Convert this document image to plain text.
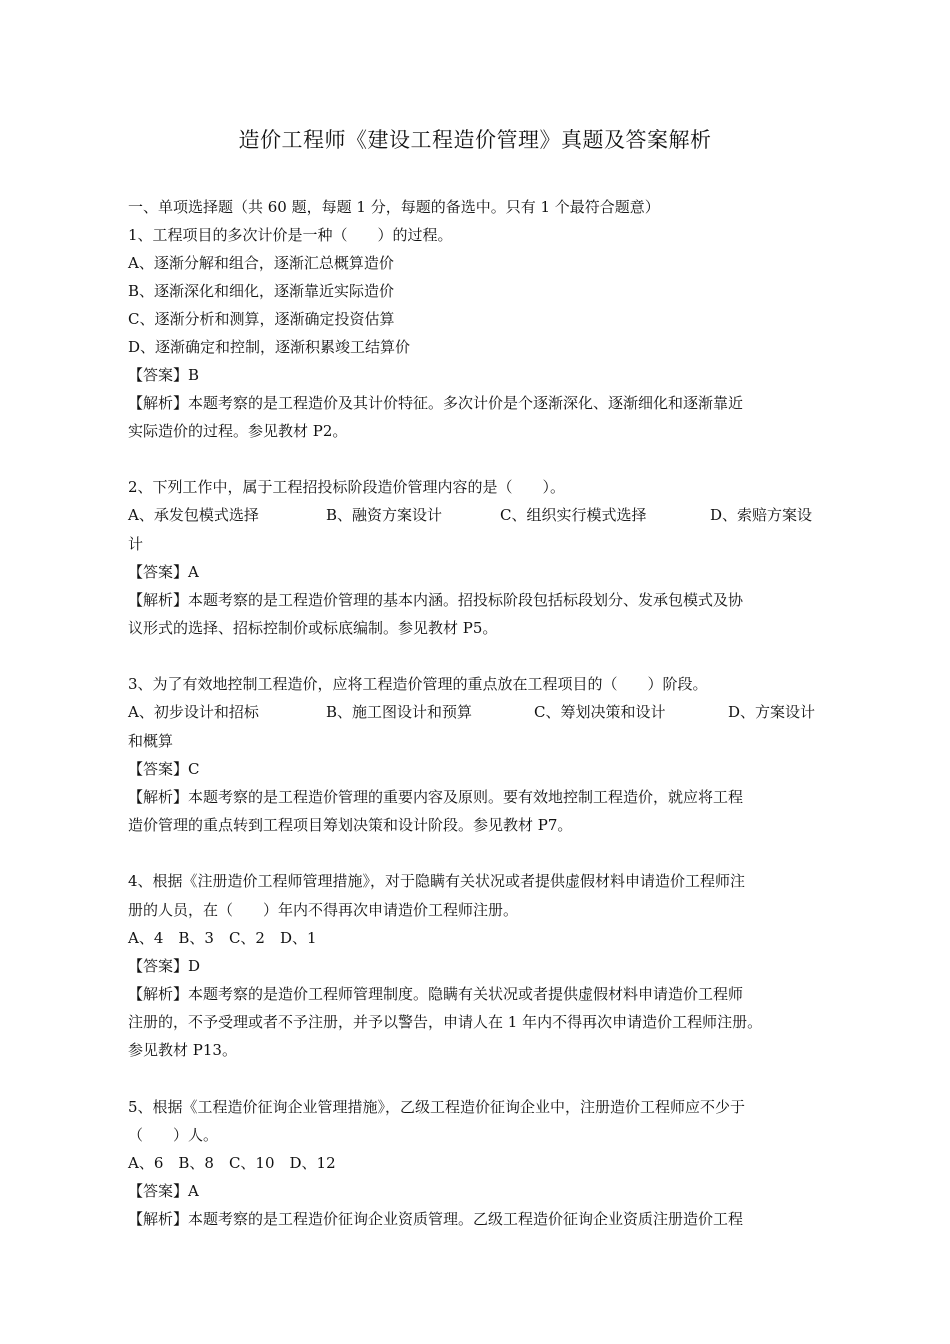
造价工程师《建设工程造价管理》真题及答案解析
一、单项选择题（共 60 题，每题 1 分，每题的备选中。只有 1 个最符合题意）
1、工程项目的多次计价是一种（　　）的过程。
A、逐渐分解和组合，逐渐汇总概算造价
B、逐渐深化和细化，逐渐靠近实际造价
C、逐渐分析和测算，逐渐确定投资估算
D、逐渐确定和控制，逐渐积累竣工结算价
【答案】B
【解析】本题考察的是工程造价及其计价特征。多次计价是个逐渐深化、逐渐细化和逐渐靠近
实际造价的过程。参见教材 P2。
2、下列工作中，属于工程招投标阶段造价管理内容的是（　　）。
A、承发包模式选择	B、融资方案设计	C、组织实行模式选择	D、索赔方案设
计
【答案】A
【解析】本题考察的是工程造价管理的基本内涵。招投标阶段包括标段划分、发承包模式及协
议形式的选择、招标控制价或标底编制。参见教材 P5。
3、为了有效地控制工程造价，应将工程造价管理的重点放在工程项目的（　　）阶段。
A、初步设计和招标	B、施工图设计和预算	C、筹划决策和设计	D、方案设计
和概算
【答案】C
【解析】本题考察的是工程造价管理的重要内容及原则。要有效地控制工程造价，就应将工程
造价管理的重点转到工程项目筹划决策和设计阶段。参见教材 P7。
4、根据《注册造价工程师管理措施》，对于隐瞒有关状况或者提供虚假材料申请造价工程师注
册的人员，在（　　）年内不得再次申请造价工程师注册。
A、4　B、3　C、2　D、1
【答案】D
【解析】本题考察的是造价工程师管理制度。隐瞒有关状况或者提供虚假材料申请造价工程师
注册的，不予受理或者不予注册，并予以警告，申请人在 1 年内不得再次申请造价工程师注册。
参见教材 P13。
5、根据《工程造价征询企业管理措施》，乙级工程造价征询企业中，注册造价工程师应不少于
（　　）人。
A、6　B、8　C、10　D、12
【答案】A
【解析】本题考察的是工程造价征询企业资质管理。乙级工程造价征询企业资质注册造价工程
